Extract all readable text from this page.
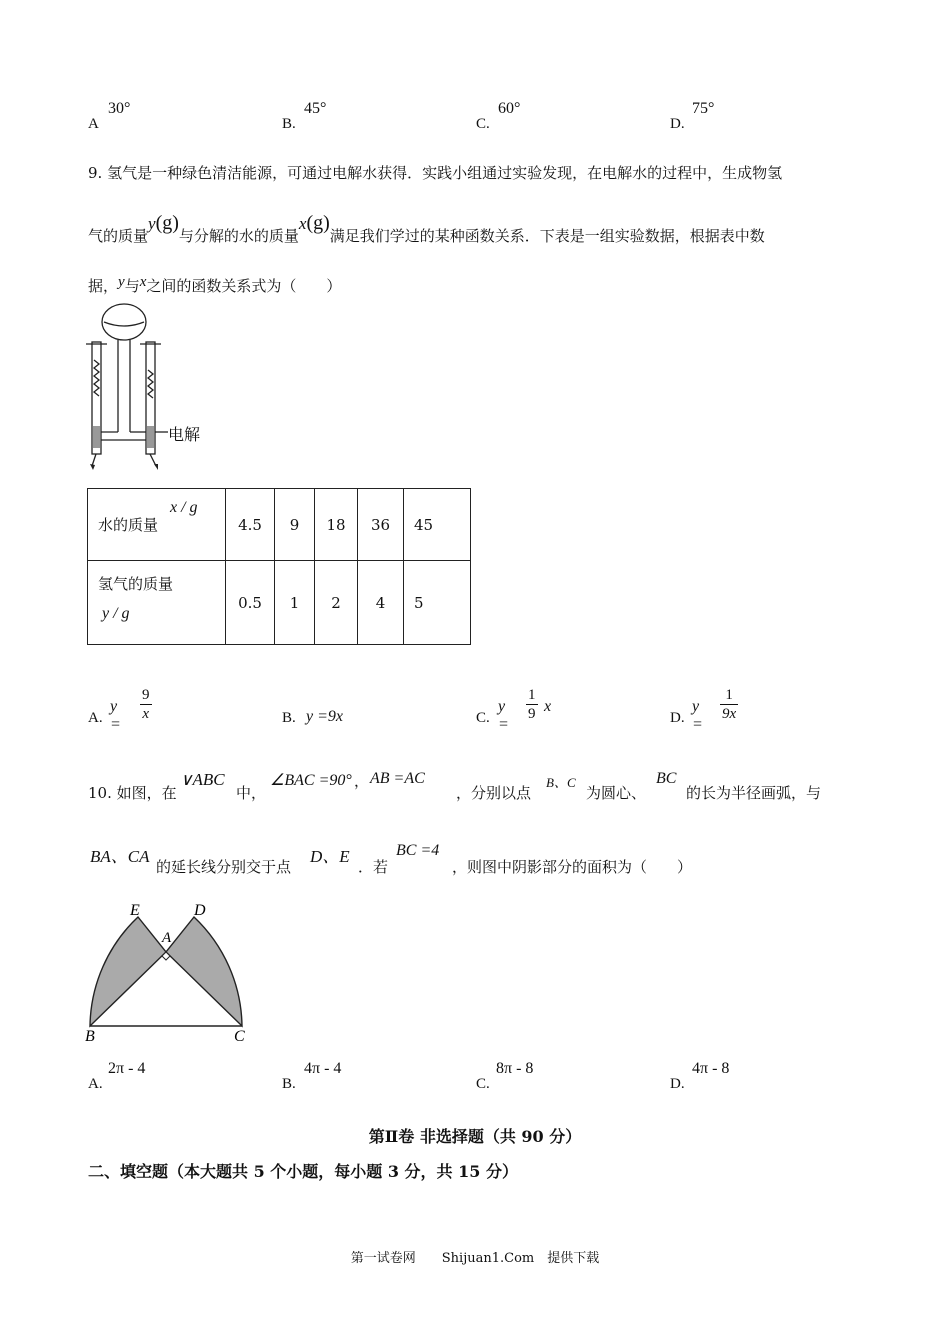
A
30°
B.
45°
C.
60°
D.
75°
9. 氢气是一种绿色清洁能源，可通过电解水获得．实践小组通过实验发现，在电解水的过程中，生成物氢
气的质量y(g)与分解的水的质量x(g)满足我们学过的某种函数关系．下表是一组实验数据，根据表中数
据，y与x之间的函数关系式为（　　）
电解
水的质量
x / g	4.5	9	18	36	45

氢气的质量
y / g	0.5	1	2	4	5
A.
y =
$\frac{9}{x}$	B. y =9x	C.
y =
$\frac{1}{9}$ x
D.
y =
$\frac{1}{9x}$
10. 如图，在
∨ABC
中，
∠BAC =90° ， AB =AC
，分别以点
B、C
为圆心、
BC
的长为半径画弧，与
BA、CA
的延长线分别交于点
D、E
．若
BC =4
，则图中阴影部分的面积为（　　）
E	D
A
B	C
A.
2π - 4
B.
4π - 4
C.
8π - 8
D.
4π - 8
第Ⅱ卷 非选择题（共 90 分）
二、填空题（本大题共 5 个小题，每小题 3 分，共 15 分）
第一试卷网　　Shijuan1.Com　提供下载
